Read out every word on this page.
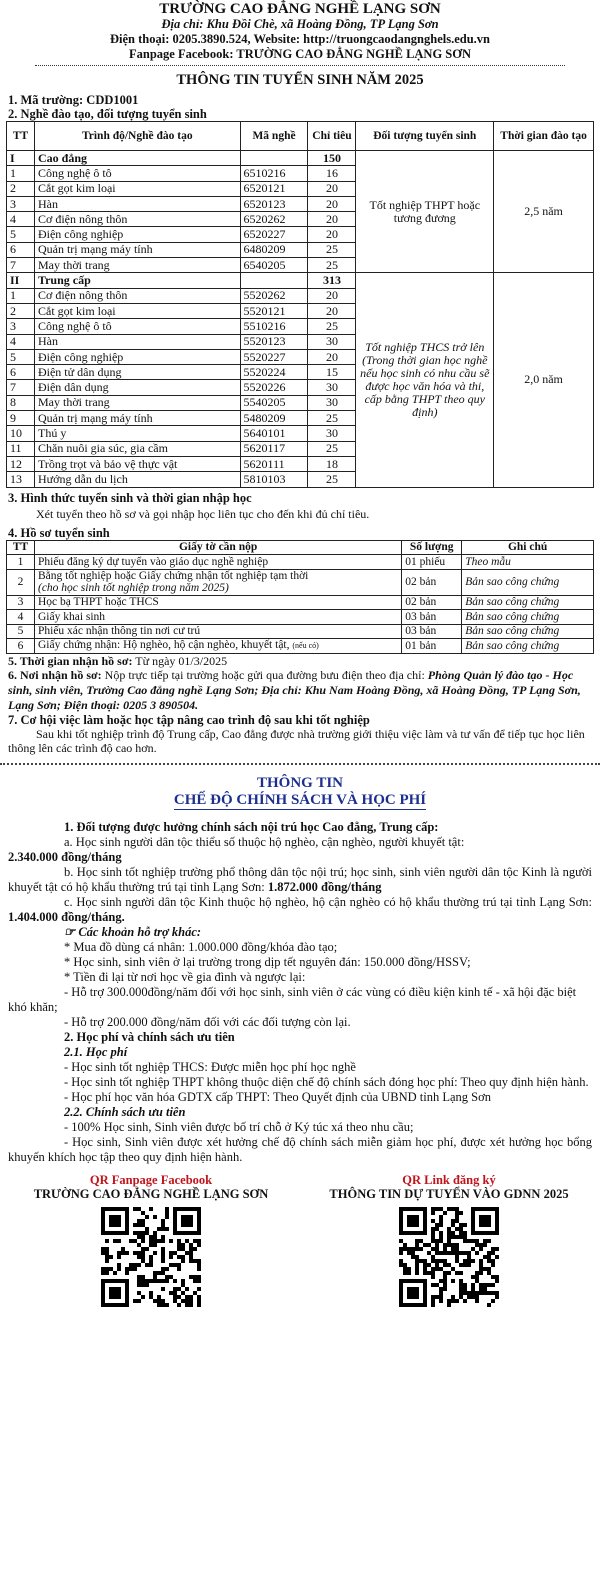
TRƯỜNG CAO ĐẲNG NGHỀ LẠNG SƠN
Địa chỉ: Khu Đồi Chè, xã Hoàng Đồng, TP Lạng Sơn
Điện thoại: 0205.3890.524, Website: http://truongcaodangnghels.edu.vn
Fanpage Facebook: TRƯỜNG CAO ĐẲNG NGHỀ LẠNG SƠN
THÔNG TIN TUYỂN SINH NĂM 2025
1. Mã trường: CDD1001
2. Nghề đào tạo, đối tượng tuyển sinh
TT	Trình độ/Nghề đào tạo	Mã nghề	Chỉ tiêu	Đối tượng tuyển sinh	Thời gian đào tạo
I	Cao đẳng		150	Tốt nghiệp THPT hoặc tương đương	2,5 năm
1	Công nghệ ô tô	6510216	16		
2	Cắt gọt kim loại	6520121	20		
3	Hàn	6520123	20		
4	Cơ điện nông thôn	6520262	20		
5	Điện công nghiệp	6520227	20		
6	Quản trị mạng máy tính	6480209	25		
7	May thời trang	6540205	25		
II	Trung cấp		313	Tốt nghiệp THCS trở lên (Trong thời gian học nghề nếu học sinh có nhu cầu sẽ được học văn hóa và thi, cấp bằng THPT theo quy định)	2,0 năm
1	Cơ điện nông thôn	5520262	20		
2	Cắt gọt kim loại	5520121	20		
3	Công nghệ ô tô	5510216	25		
4	Hàn	5520123	30		
5	Điện công nghiệp	5520227	20		
6	Điện tử dân dụng	5520224	15		
7	Điện dân dụng	5520226	30		
8	May thời trang	5540205	30		
9	Quản trị mạng máy tính	5480209	25		
10	Thú y	5640101	30		
11	Chăn nuôi gia súc, gia cầm	5620117	25		
12	Trồng trọt và bảo vệ thực vật	5620111	18		
13	Hướng dẫn du lịch	5810103	25		
3. Hình thức tuyển sinh và thời gian nhập học
Xét tuyển theo hồ sơ và gọi nhập học liên tục cho đến khi đủ chỉ tiêu.
4. Hồ sơ tuyển sinh
TT	Giấy tờ cần nộp	Số lượng	Ghi chú
1	Phiếu đăng ký dự tuyển vào giáo dục nghề nghiệp	01 phiếu	Theo mẫu
2	Bằng tốt nghiệp hoặc Giấy chứng nhận tốt nghiệp tạm thời
(cho học sinh tốt nghiệp trong năm 2025)	02 bản	Bản sao công chứng
3	Học bạ THPT hoặc THCS	02 bản	Bản sao công chứng
4	Giấy khai sinh	03 bản	Bản sao công chứng
5	Phiếu xác nhận thông tin nơi cư trú	03 bản	Bản sao công chứng
6	Giấy chứng nhận: Hộ nghèo, hộ cận nghèo, khuyết tật, (nếu có)	01 bản	Bản sao công chứng
5. Thời gian nhận hồ sơ: Từ ngày 01/3/2025
6. Nơi nhận hồ sơ: Nộp trực tiếp tại trường hoặc gửi qua đường bưu điện theo địa chỉ: Phòng Quản lý đào tạo - Học sinh, sinh viên, Trường Cao đẳng nghề Lạng Sơn; Địa chỉ: Khu Nam Hoàng Đồng, xã Hoàng Đồng, TP Lạng Sơn, Lạng Sơn; Điện thoại: 0205 3 890504.
7. Cơ hội việc làm hoặc học tập nâng cao trình độ sau khi tốt nghiệp
Sau khi tốt nghiệp trình độ Trung cấp, Cao đẳng được nhà trường giới thiệu việc làm và tư vấn để tiếp tục học liên thông lên các trình độ cao hơn.
THÔNG TIN
CHẾ ĐỘ CHÍNH SÁCH VÀ HỌC PHÍ
1. Đối tượng được hưởng chính sách nội trú học Cao đẳng, Trung cấp:
a. Học sinh người dân tộc thiểu số thuộc hộ nghèo, cận nghèo, người khuyết tật:
2.340.000 đồng/tháng
b. Học sinh tốt nghiệp trường phổ thông dân tộc nội trú; học sinh, sinh viên người dân tộc Kinh là người khuyết tật có hộ khẩu thường trú tại tỉnh Lạng Sơn: 1.872.000 đồng/tháng
c. Học sinh người dân tộc Kinh thuộc hộ nghèo, hộ cận nghèo có hộ khẩu thường trú tại tỉnh Lạng Sơn: 1.404.000 đồng/tháng.
☞ Các khoản hỗ trợ khác:
* Mua đồ dùng cá nhân: 1.000.000 đồng/khóa đào tạo;
* Học sinh, sinh viên ở lại trường trong dịp tết nguyên đán: 150.000 đồng/HSSV;
* Tiền đi lại từ nơi học về gia đình và ngược lại:
- Hỗ trợ 300.000đồng/năm đối với học sinh, sinh viên ở các vùng có điều kiện kinh tế - xã hội đặc biệt khó khăn;
- Hỗ trợ 200.000 đồng/năm đối với các đối tượng còn lại.
2. Học phí và chính sách ưu tiên
2.1. Học phí
- Học sinh tốt nghiệp THCS: Được miễn học phí học nghề
- Học sinh tốt nghiệp THPT không thuộc diện chế độ chính sách đóng học phí: Theo quy định hiện hành.
- Học phí học văn hóa GDTX cấp THPT: Theo Quyết định của UBND tỉnh Lạng Sơn
2.2. Chính sách ưu tiên
- 100% Học sinh, Sinh viên được bố trí chỗ ở Ký túc xá theo nhu cầu;
- Học sinh, Sinh viên được xét hưởng chế độ chính sách miễn giảm học phí, được xét hưởng học bổng khuyến khích học tập theo quy định hiện hành.
QR Fanpage Facebook
TRƯỜNG CAO ĐẲNG NGHỀ LẠNG SƠN
QR Link đăng ký
THÔNG TIN DỰ TUYỂN VÀO GDNN 2025
